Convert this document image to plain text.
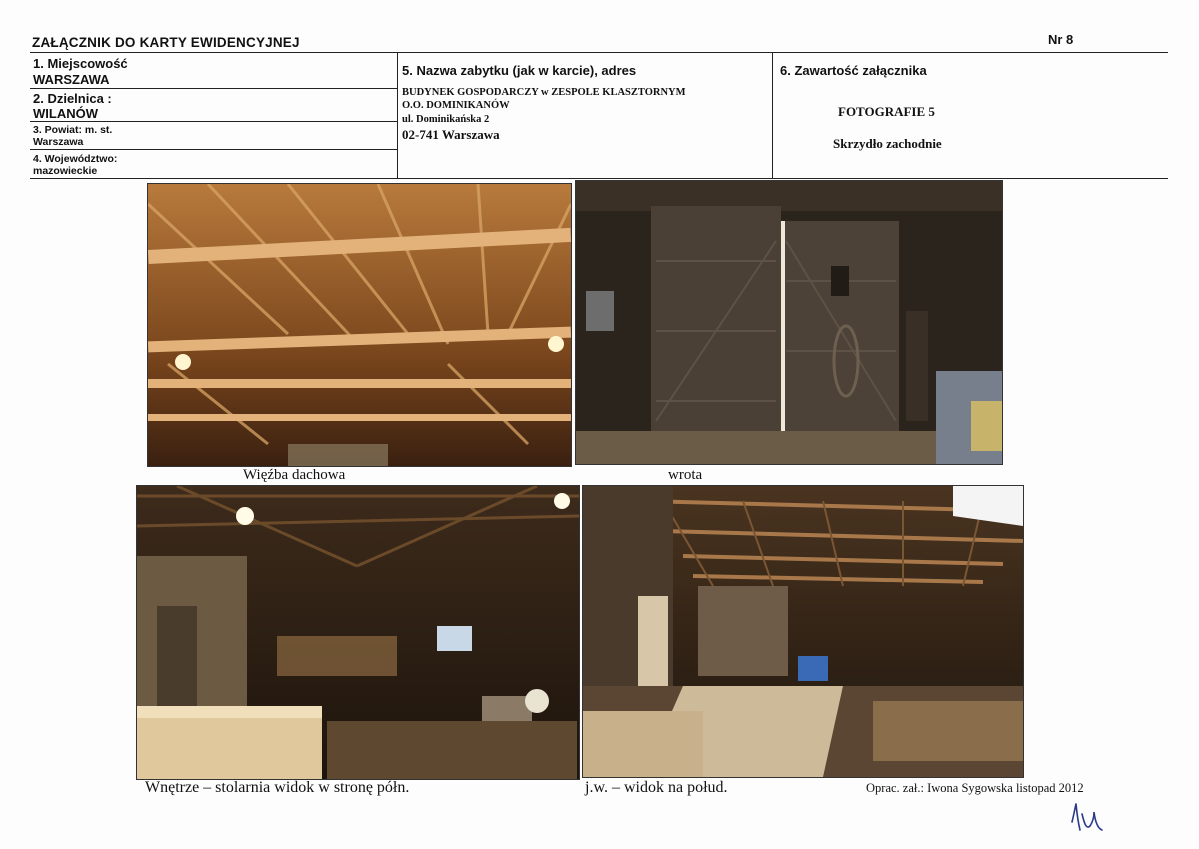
ZAŁĄCZNIK DO KARTY EWIDENCYJNEJ	Nr 8
1. Miejscowość
WARSZAWA
2. Dzielnica :
WILANÓW
3. Powiat: m. st.
Warszawa
4. Województwo:
mazowieckie
5. Nazwa zabytku (jak w karcie), adres
BUDYNEK GOSPODARCZY w ZESPOLE KLASZTORNYM
O.O. DOMINIKANÓW
ul. Dominikańska 2
02-741 Warszawa
6. Zawartość załącznika
FOTOGRAFIE 5
Skrzydło zachodnie
Więźba dachowa	wrota
Wnętrze – stolarnia widok w stronę półn.	j.w. – widok na połud.	Oprac. zał.: Iwona Sygowska listopad 2012
